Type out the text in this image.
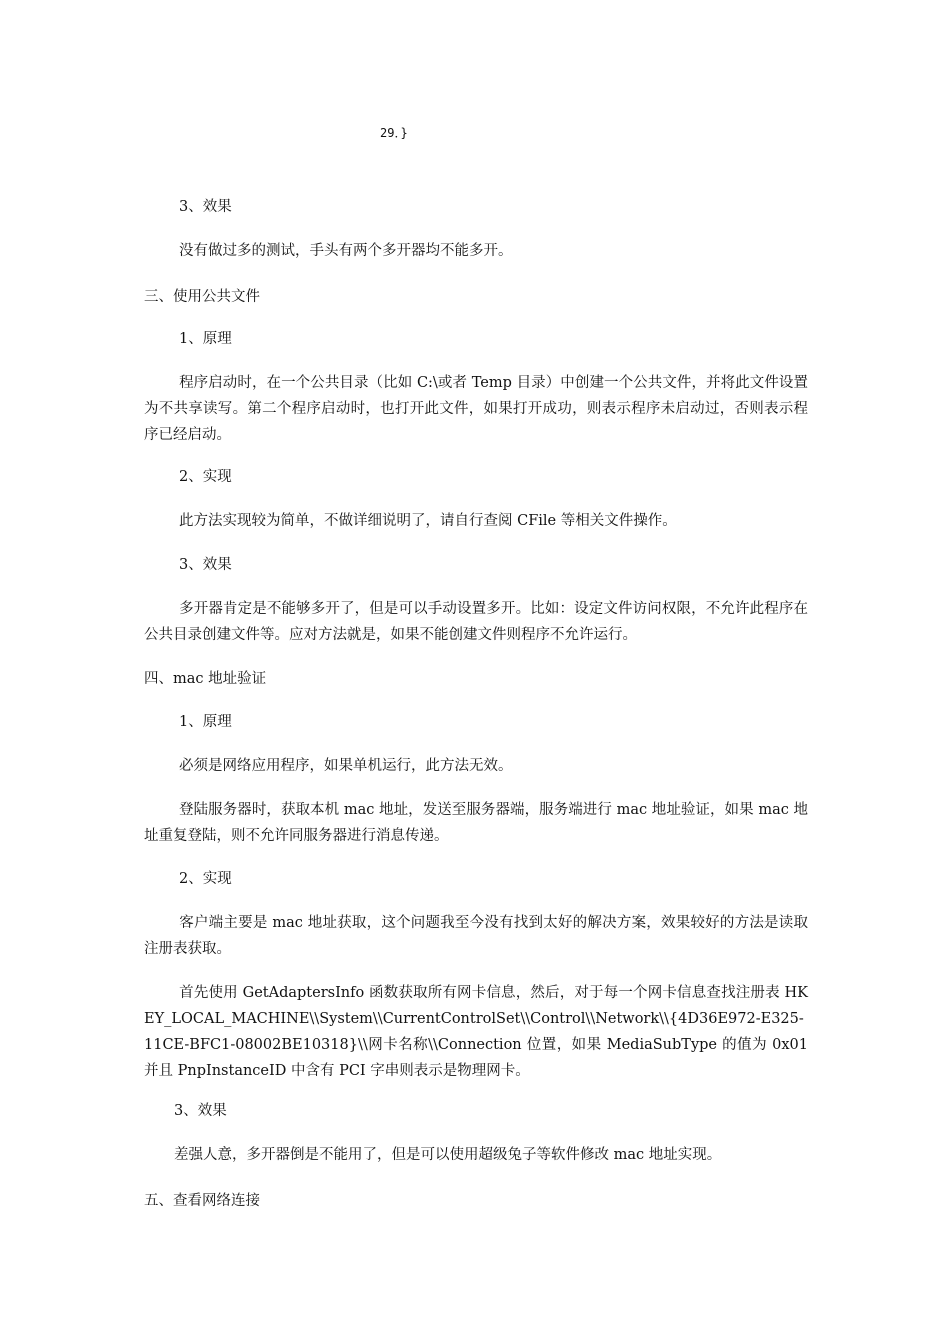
29．}
3、效果
没有做过多的测试，手头有两个多开器均不能多开。
三、使用公共文件
1、原理
程序启动时，在一个公共目录（比如 C:\或者 Temp 目录）中创建一个公共文件，并将此文件设置为不共享读写。第二个程序启动时，也打开此文件，如果打开成功，则表示程序未启动过，否则表示程序已经启动。
2、实现
此方法实现较为简单，不做详细说明了，请自行查阅 CFile 等相关文件操作。
3、效果
多开器肯定是不能够多开了，但是可以手动设置多开。比如：设定文件访问权限，不允许此程序在公共目录创建文件等。应对方法就是，如果不能创建文件则程序不允许运行。
四、mac 地址验证
1、原理
必须是网络应用程序，如果单机运行，此方法无效。
登陆服务器时，获取本机 mac 地址，发送至服务器端，服务端进行 mac 地址验证，如果 mac 地址重复登陆，则不允许同服务器进行消息传递。
2、实现
客户端主要是 mac 地址获取，这个问题我至今没有找到太好的解决方案，效果较好的方法是读取注册表获取。
首先使用 GetAdaptersInfo 函数获取所有网卡信息，然后，对于每一个网卡信息查找注册表 HKEY_LOCAL_MACHINE\\System\\CurrentControlSet\\Control\\Network\\{4D36E972-E325-11CE-BFC1-08002BE10318}\\网卡名称\\Connection 位置，如果 MediaSubType 的值为 0x01 并且 PnpInstanceID 中含有 PCI 字串则表示是物理网卡。
3、效果
差强人意，多开器倒是不能用了，但是可以使用超级兔子等软件修改 mac 地址实现。
五、查看网络连接
